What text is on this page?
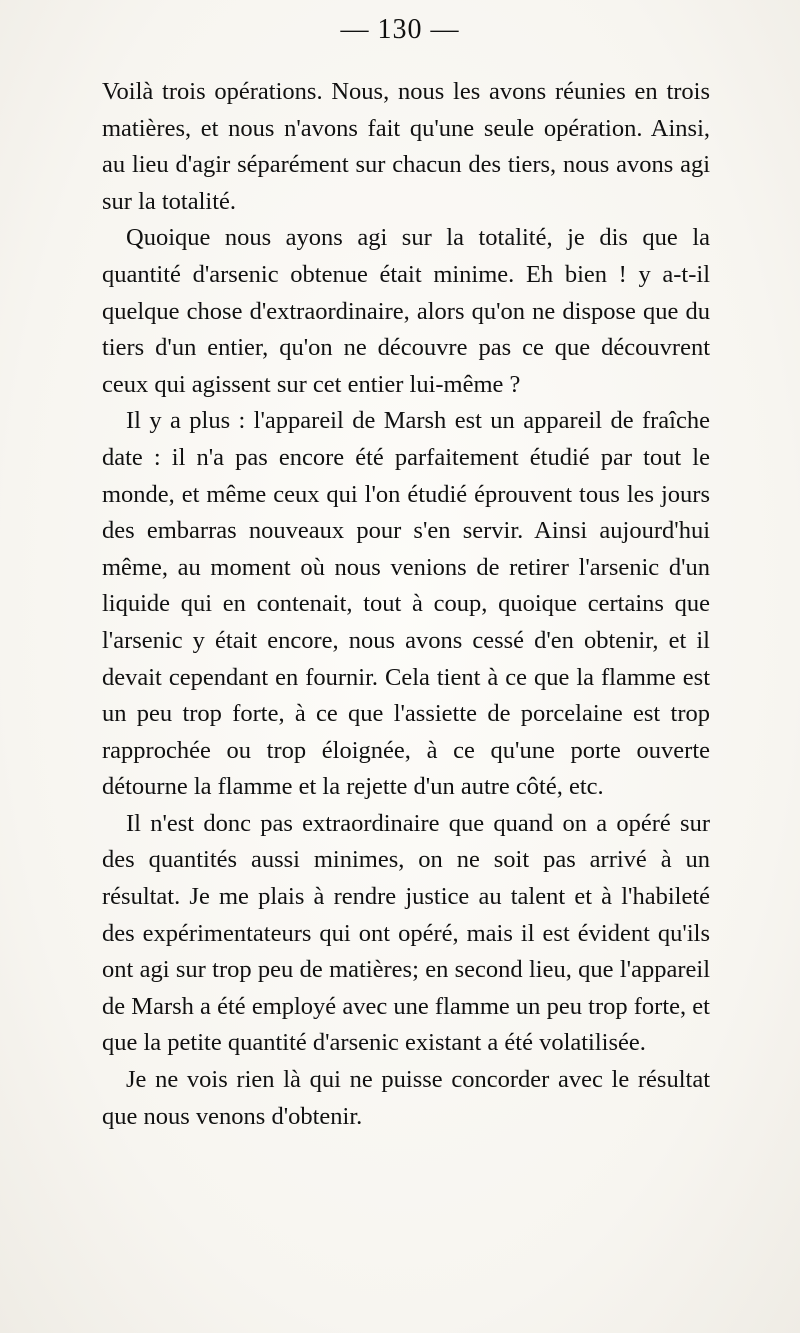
— 130 —

Voilà trois opérations. Nous, nous les avons réunies en trois matières, et nous n'avons fait qu'une seule opération. Ainsi, au lieu d'agir séparément sur chacun des tiers, nous avons agi sur la totalité.

Quoique nous ayons agi sur la totalité, je dis que la quantité d'arsenic obtenue était minime. Eh bien ! y a-t-il quelque chose d'extraordinaire, alors qu'on ne dispose que du tiers d'un entier, qu'on ne découvre pas ce que découvrent ceux qui agissent sur cet entier lui-même ?

Il y a plus : l'appareil de Marsh est un appareil de fraîche date : il n'a pas encore été parfaitement étudié par tout le monde, et même ceux qui l'on étudié éprouvent tous les jours des embarras nouveaux pour s'en servir. Ainsi aujourd'hui même, au moment où nous venions de retirer l'arsenic d'un liquide qui en contenait, tout à coup, quoique certains que l'arsenic y était encore, nous avons cessé d'en obtenir, et il devait cependant en fournir. Cela tient à ce que la flamme est un peu trop forte, à ce que l'assiette de porcelaine est trop rapprochée ou trop éloignée, à ce qu'une porte ouverte détourne la flamme et la rejette d'un autre côté, etc.

Il n'est donc pas extraordinaire que quand on a opéré sur des quantités aussi minimes, on ne soit pas arrivé à un résultat. Je me plais à rendre justice au talent et à l'habileté des expérimentateurs qui ont opéré, mais il est évident qu'ils ont agi sur trop peu de matières; en second lieu, que l'appareil de Marsh a été employé avec une flamme un peu trop forte, et que la petite quantité d'arsenic existant a été volatilisée.

Je ne vois rien là qui ne puisse concorder avec le résultat que nous venons d'obtenir.
